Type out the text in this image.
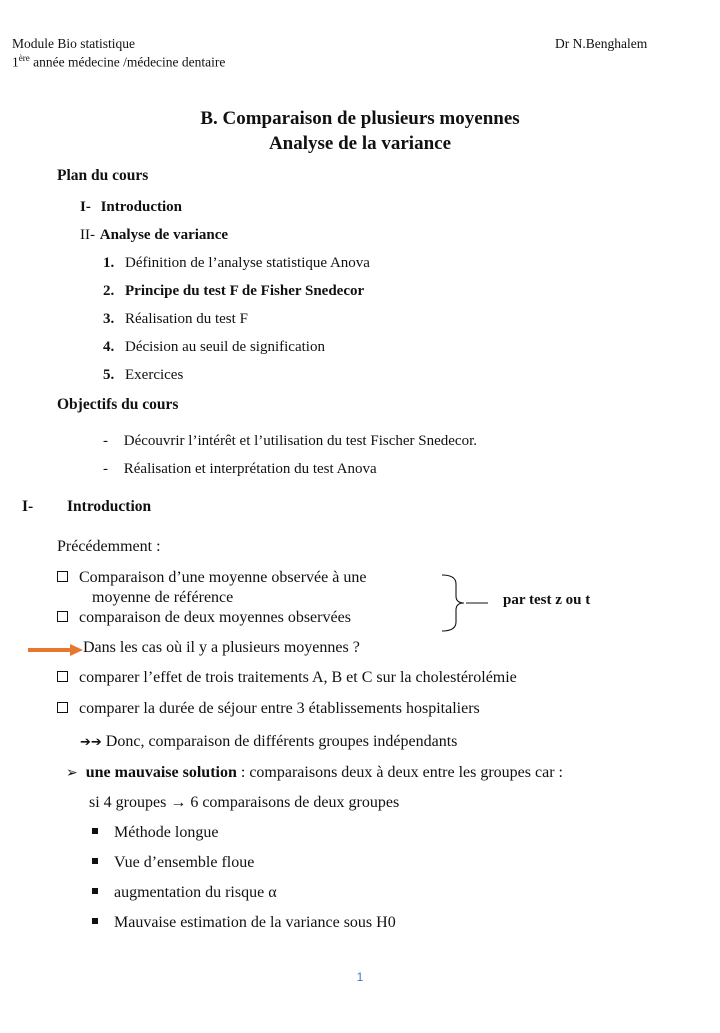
Module Bio statistique
1ère année médecine /médecine dentaire
Dr N.Benghalem
B. Comparaison de plusieurs moyennes
Analyse de la variance
Plan du cours
I- Introduction
II- Analyse de variance
1. Définition de l’analyse statistique Anova
2. Principe du test F de Fisher Snedecor
3. Réalisation du test F
4. Décision au seuil de signification
5. Exercices
Objectifs du cours
- Découvrir l’intérêt et l’utilisation du test Fischer Snedecor.
- Réalisation et interprétation du test Anova
I- Introduction
Précédemment :
Comparaison d’une moyenne observée à une
moyenne de référence
comparaison de deux moyennes observées
par test z ou t
Dans les cas où il y a plusieurs moyennes ?
comparer l’effet de trois traitements A, B et C sur la cholestérolémie
comparer la durée de séjour entre 3 établissements hospitaliers
➔➔ Donc, comparaison de différents groupes indépendants
➢ une mauvaise solution : comparaisons deux à deux entre les groupes car :
si 4 groupes → 6 comparaisons de deux groupes
Méthode longue
Vue d’ensemble floue
augmentation du risque α
Mauvaise estimation de la variance sous H0
1
